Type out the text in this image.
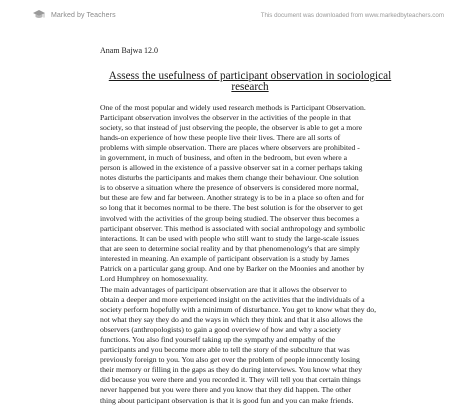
Marked by Teachers	This document was downloaded from www.markedbyteachers.com
Anam Bajwa 12.0
Assess the usefulness of participant observation in sociological
research
One of the most popular and widely used research methods is Participant Observation.
Participant observation involves the observer in the activities of the people in that
society, so that instead of just observing the people, the observer is able to get a more
hands-on experience of how these people live their lives. There are all sorts of
problems with simple observation. There are places where observers are prohibited -
in government, in much of business, and often in the bedroom, but even where a
person is allowed in the existence of a passive observer sat in a corner perhaps taking
notes disturbs the participants and makes them change their behaviour. One solution
is to observe a situation where the presence of observers is considered more normal,
but these are few and far between. Another strategy is to be in a place so often and for
so long that it becomes normal to be there. The best solution is for the observer to get
involved with the activities of the group being studied. The observer thus becomes a
participant observer. This method is associated with social anthropology and symbolic
interactions. It can be used with people who still want to study the large-scale issues
that are seen to determine social reality and by that phenomenology's that are simply
interested in meaning. An example of participant observation is a study by James
Patrick on a particular gang group. And one by Barker on the Moonies and another by
Lord Humphrey on homosexuality.
The main advantages of participant observation are that it allows the observer to
obtain a deeper and more experienced insight on the activities that the individuals of a
society perform hopefully with a minimum of disturbance. You get to know what they do,
not what they say they do and the ways in which they think and that it also allows the
observers (anthropologists) to gain a good overview of how and why a society
functions. You also find yourself taking up the sympathy and empathy of the
participants and you become more able to tell the story of the subculture that was
previously foreign to you. You also get over the problem of people innocently losing
their memory or filling in the gaps as they do during interviews. You know what they
did because you were there and you recorded it. They will tell you that certain things
never happened but you were there and you know that they did happen. The other
thing about participant observation is that it is good fun and you can make friends.
